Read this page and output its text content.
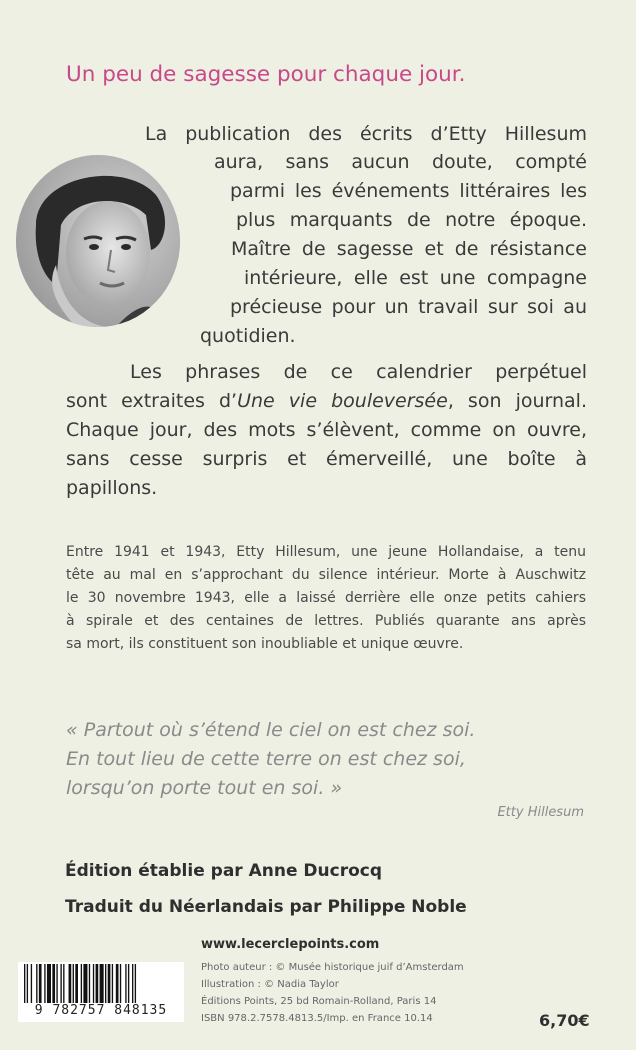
Un peu de sagesse pour chaque jour.
La publication des écrits d’Etty Hillesum
aura, sans aucun doute, compté
parmi les événements littéraires les
plus marquants de notre époque.
Maître de sagesse et de résistance
intérieure, elle est une compagne
précieuse pour un travail sur soi au
quotidien.
Les phrases de ce calendrier perpétuel
sont extraites d’Une vie bouleversée, son journal.
Chaque jour, des mots s’élèvent, comme on ouvre,
sans cesse surpris et émerveillé, une boîte à
papillons.
Entre 1941 et 1943, Etty Hillesum, une jeune Hollandaise, a tenu
tête au mal en s’approchant du silence intérieur. Morte à Auschwitz
le 30 novembre 1943, elle a laissé derrière elle onze petits cahiers
à spirale et des centaines de lettres. Publiés quarante ans après
sa mort, ils constituent son inoubliable et unique œuvre.
« Partout où s’étend le ciel on est chez soi.
En tout lieu de cette terre on est chez soi,
lorsqu’on porte tout en soi. »
Etty Hillesum
Édition établie par Anne Ducrocq
Traduit du Néerlandais par Philippe Noble
www.lecerclepoints.com
Photo auteur : © Musée historique juif d’Amsterdam
Illustration : © Nadia Taylor
Éditions Points, 25 bd Romain-Rolland, Paris 14
ISBN 978.2.7578.4813.5/Imp. en France 10.14
9 782757 848135
6,70€
